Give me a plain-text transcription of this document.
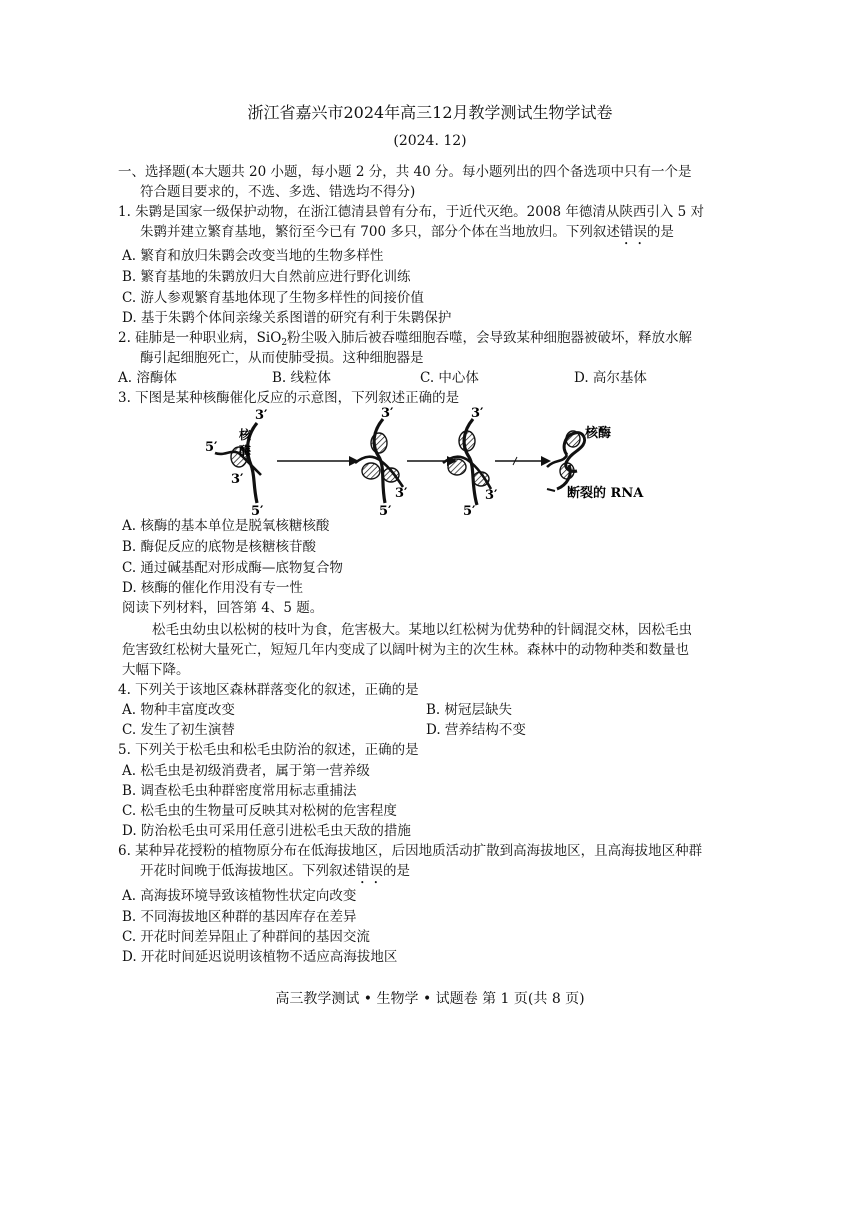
浙江省嘉兴市2024年高三12月教学测试生物学试卷
(2024. 12)
一、选择题(本大题共 20 小题，每小题 2 分，共 40 分。每小题列出的四个备选项中只有一个是
符合题目要求的，不选、多选、错选均不得分)
1. 朱鹮是国家一级保护动物，在浙江德清县曾有分布，于近代灭绝。2008 年德清从陕西引入 5 对
朱鹮并建立繁育基地，繁衍至今已有 700 多只，部分个体在当地放归。下列叙述错误的是
A. 繁育和放归朱鹮会改变当地的生物多样性
B. 繁育基地的朱鹮放归大自然前应进行野化训练
C. 游人参观繁育基地体现了生物多样性的间接价值
D. 基于朱鹮个体间亲缘关系图谱的研究有利于朱鹮保护
2. 硅肺是一种职业病，SiO$_2$粉尘吸入肺后被吞噬细胞吞噬，会导致某种细胞器被破坏，释放水解
酶引起细胞死亡，从而使肺受损。这种细胞器是
A. 溶酶体	B. 线粒体	C. 中心体	D. 高尔基体
3. 下图是某种核酶催化反应的示意图，下列叙述正确的是
5′
3′
核
酶
3′
5′
3′
3′
5′
3′
3′
5′
核酶
断裂的 RNA
A. 核酶的基本单位是脱氧核糖核酸
B. 酶促反应的底物是核糖核苷酸
C. 通过碱基配对形成酶—底物复合物
D. 核酶的催化作用没有专一性
阅读下列材料，回答第 4、5 题。
松毛虫幼虫以松树的枝叶为食，危害极大。某地以红松树为优势种的针阔混交林，因松毛虫
危害致红松树大量死亡，短短几年内变成了以阔叶树为主的次生林。森林中的动物种类和数量也
大幅下降。
4. 下列关于该地区森林群落变化的叙述，正确的是
A. 物种丰富度改变	B. 树冠层缺失
C. 发生了初生演替	D. 营养结构不变
5. 下列关于松毛虫和松毛虫防治的叙述，正确的是
A. 松毛虫是初级消费者，属于第一营养级
B. 调查松毛虫种群密度常用标志重捕法
C. 松毛虫的生物量可反映其对松树的危害程度
D. 防治松毛虫可采用任意引进松毛虫天敌的措施
6. 某种异花授粉的植物原分布在低海拔地区，后因地质活动扩散到高海拔地区，且高海拔地区种群
开花时间晚于低海拔地区。下列叙述错误的是
A. 高海拔环境导致该植物性状定向改变
B. 不同海拔地区种群的基因库存在差异
C. 开花时间差异阻止了种群间的基因交流
D. 开花时间延迟说明该植物不适应高海拔地区
高三教学测试 • 生物学 • 试题卷 第 1 页(共 8 页)
